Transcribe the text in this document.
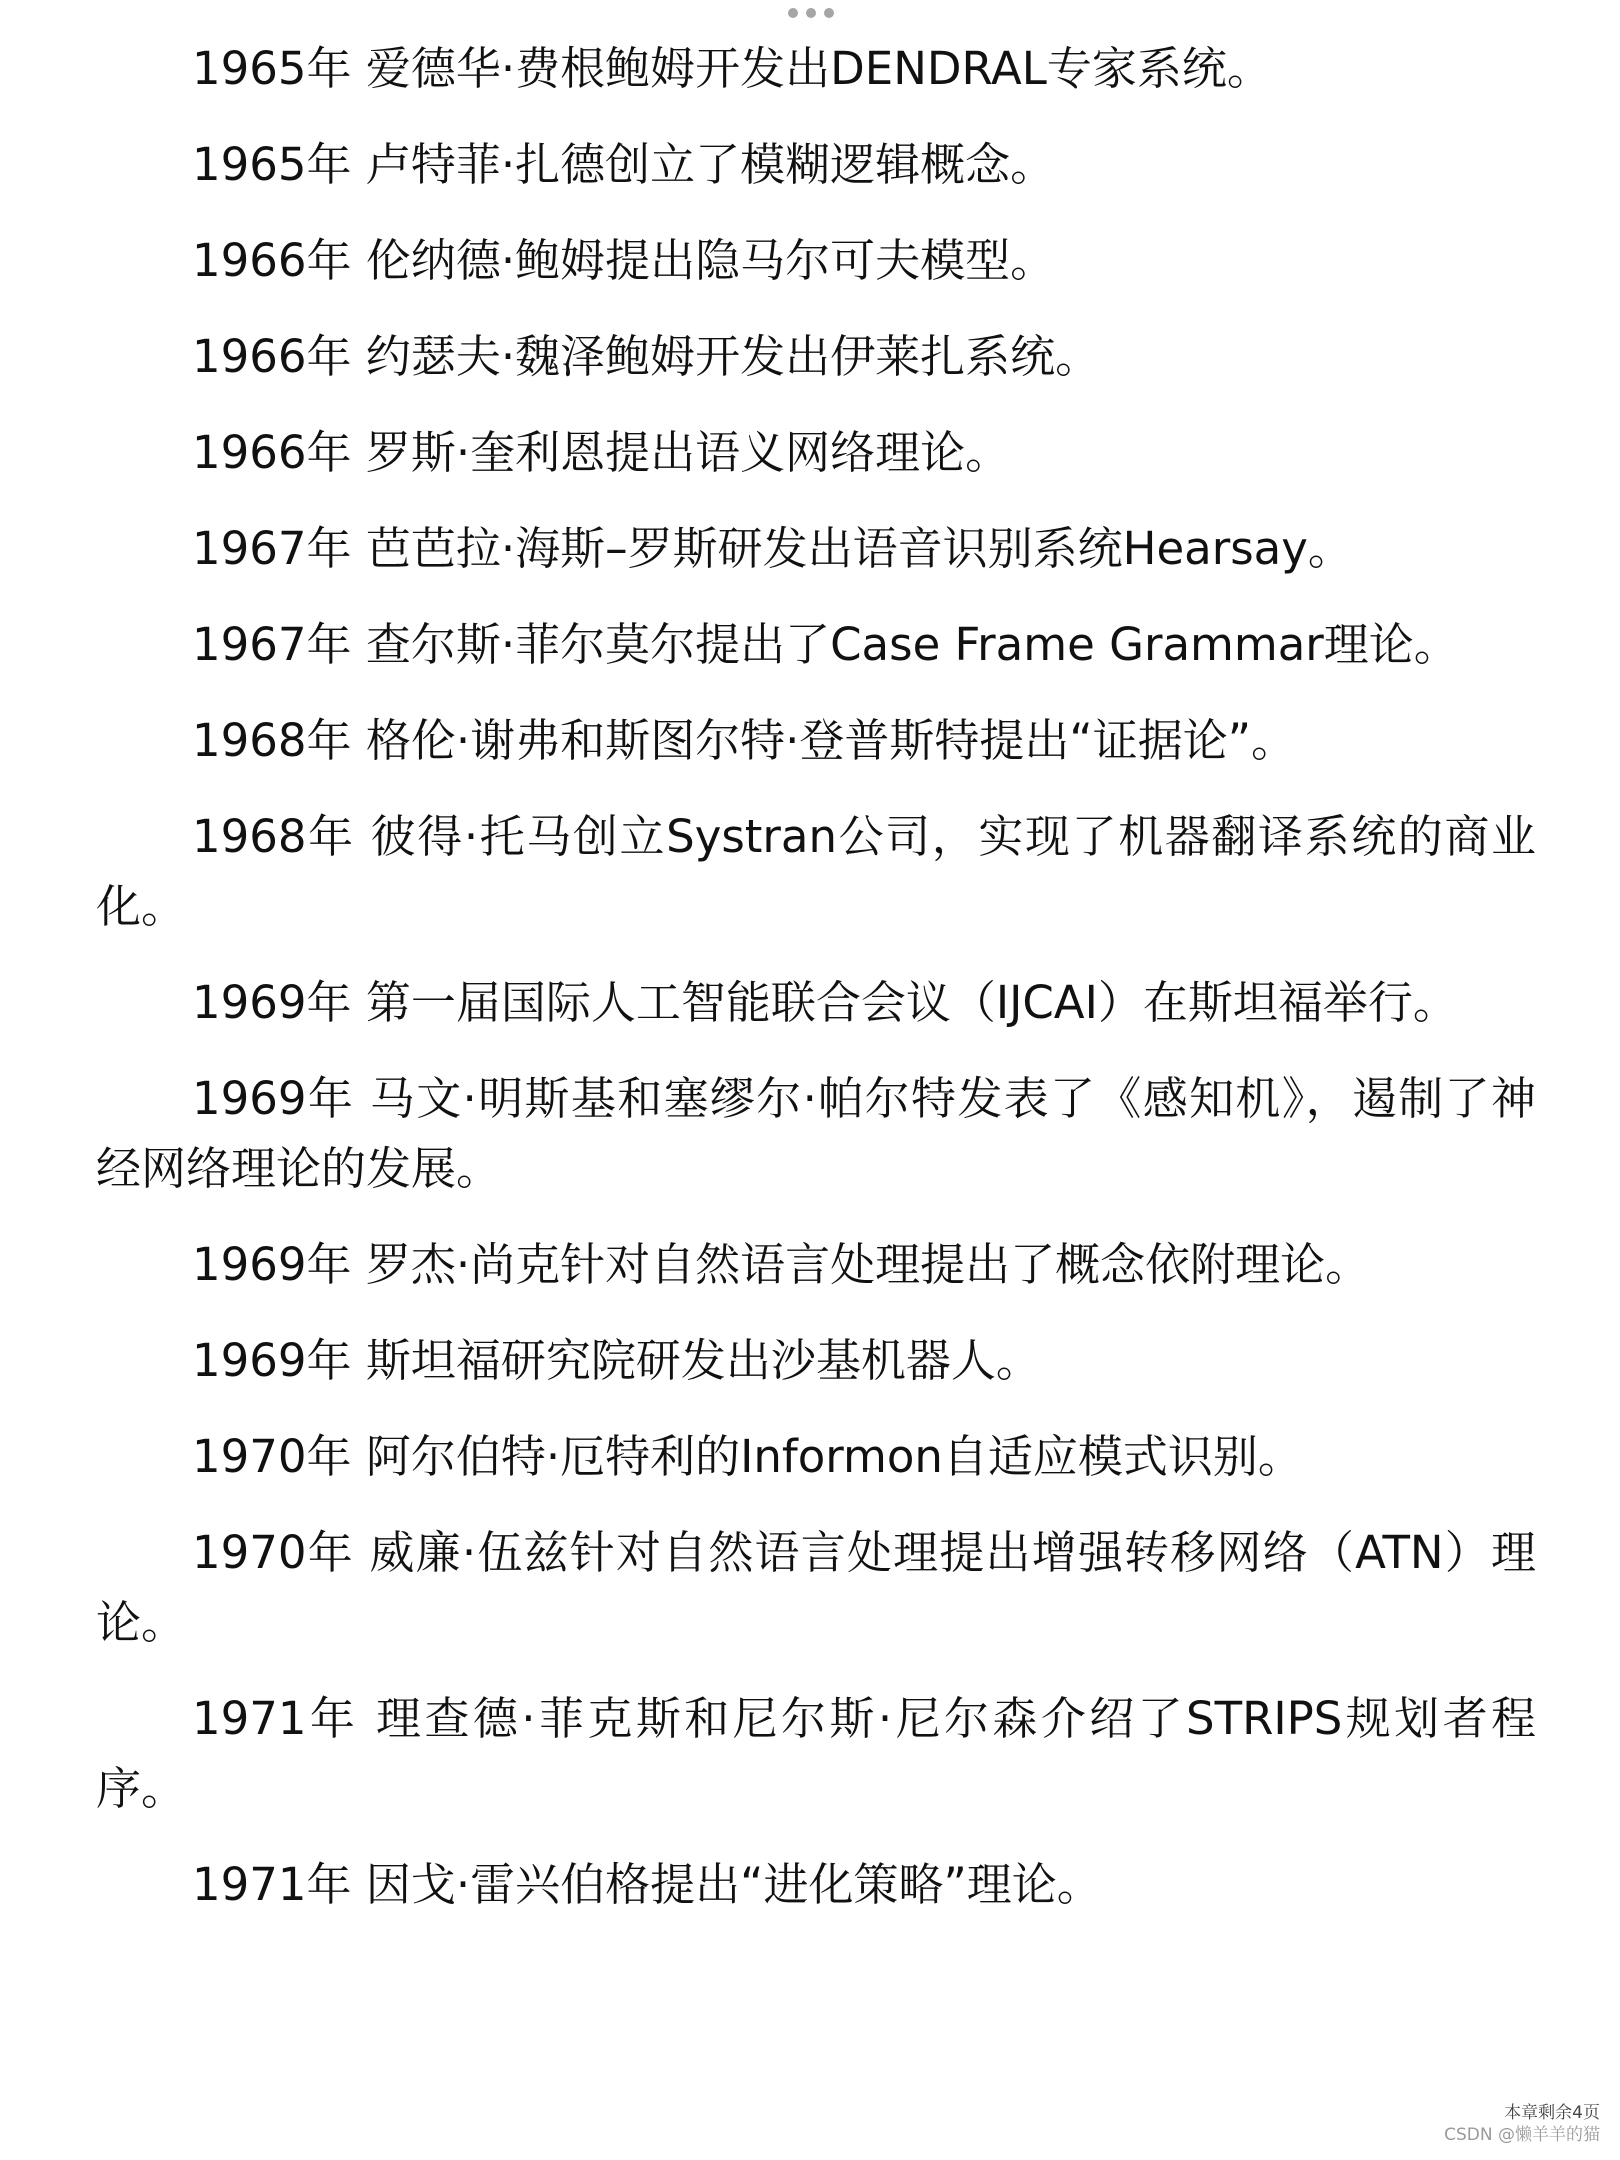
1965年 爱德华·费根鲍姆开发出DENDRAL专家系统。

1965年 卢特菲·扎德创立了模糊逻辑概念。

1966年 伦纳德·鲍姆提出隐马尔可夫模型。

1966年 约瑟夫·魏泽鲍姆开发出伊莱扎系统。

1966年 罗斯·奎利恩提出语义网络理论。

1967年 芭芭拉·海斯–罗斯研发出语音识别系统Hearsay。

1967年 查尔斯·菲尔莫尔提出了Case Frame Grammar理论。

1968年 格伦·谢弗和斯图尔特·登普斯特提出“证据论”。

1968年 彼得·托马创立Systran公司，实现了机器翻译系统的商业化。

1969年 第一届国际人工智能联合会议（IJCAI）在斯坦福举行。

1969年 马文·明斯基和塞缪尔·帕尔特发表了《感知机》，遏制了神经网络理论的发展。

1969年 罗杰·尚克针对自然语言处理提出了概念依附理论。

1969年 斯坦福研究院研发出沙基机器人。

1970年 阿尔伯特·厄特利的Informon自适应模式识别。

1970年 威廉·伍兹针对自然语言处理提出增强转移网络（ATN）理论。

1971年 理查德·菲克斯和尼尔斯·尼尔森介绍了STRIPS规划者程序。

1971年 因戈·雷兴伯格提出“进化策略”理论。

本章剩余4页
CSDN @懒羊羊的猫
